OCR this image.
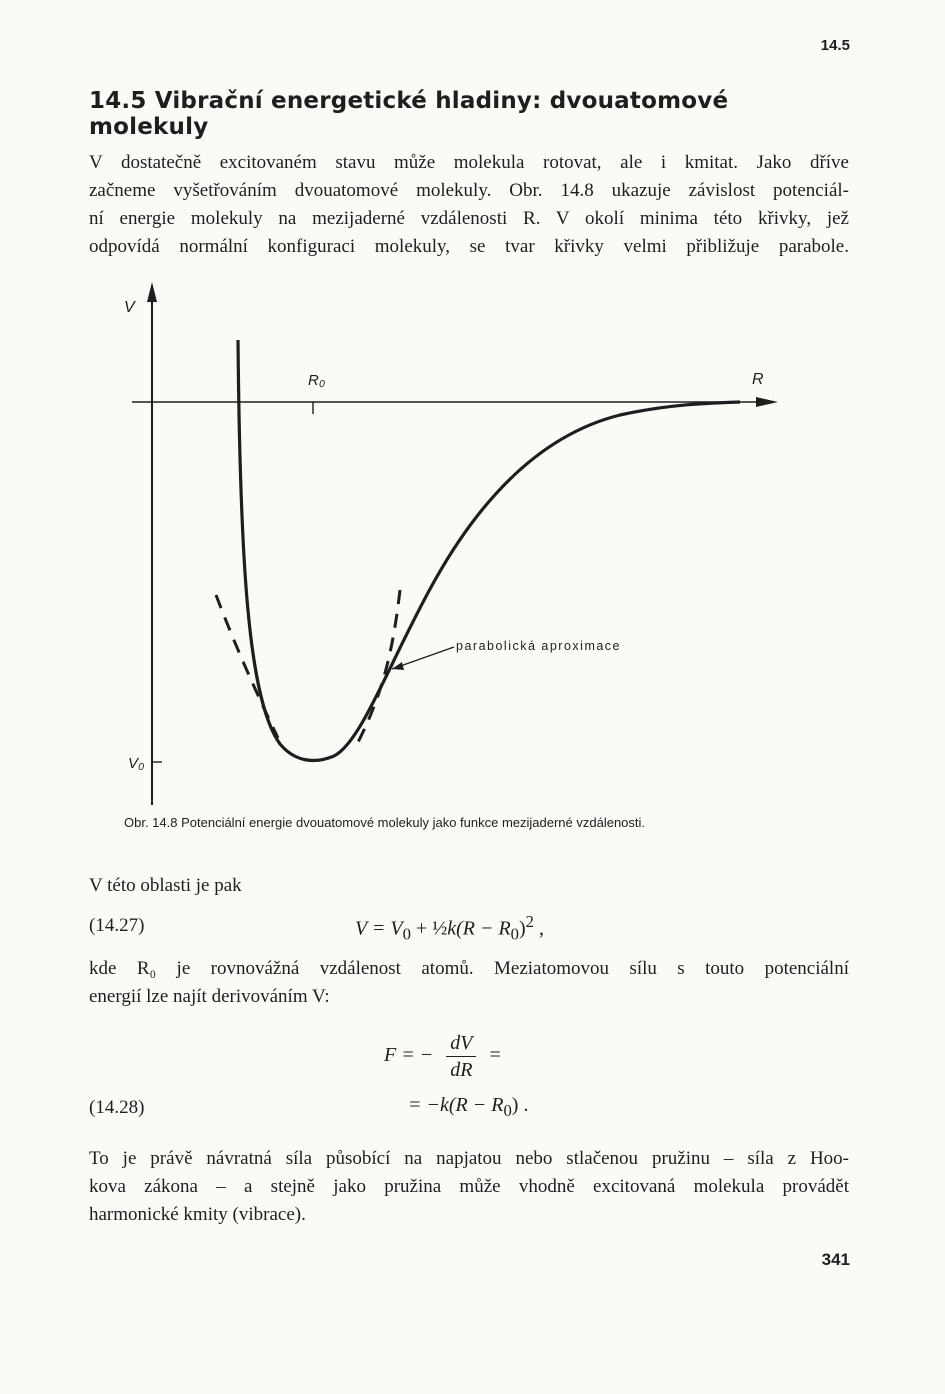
14.5
14.5 Vibrační energetické hladiny: dvouatomové molekuly
V dostatečně excitovaném stavu může molekula rotovat, ale i kmitat. Jako dříve
začneme vyšetřováním dvouatomové molekuly. Obr. 14.8 ukazuje závislost potenciál-
ní energie molekuly na mezijaderné vzdálenosti R. V okolí minima této křivky, jež
odpovídá normální konfiguraci molekuly, se tvar křivky velmi přibližuje parabole.
V
R
R₀
V₀
parabolická aproximace
Obr. 14.8 Potenciální energie dvouatomové molekuly jako funkce mezijaderné vzdálenosti.
V této oblasti je pak
(14.27)	$V = V_0$ + ½k(R − $R_0)^2$ ,
kde R₀ je rovnovážná vzdálenost atomů. Meziatomovou sílu s touto potenciální
energií lze najít derivováním V:
F = − $\frac{dV}{dR}$ =
(14.28)	= $-k(R - R_0)$ .
To je právě návratná síla působící na napjatou nebo stlačenou pružinu – síla z Hoo-
kova zákona – a stejně jako pružina může vhodně excitovaná molekula provádět
harmonické kmity (vibrace).
341
